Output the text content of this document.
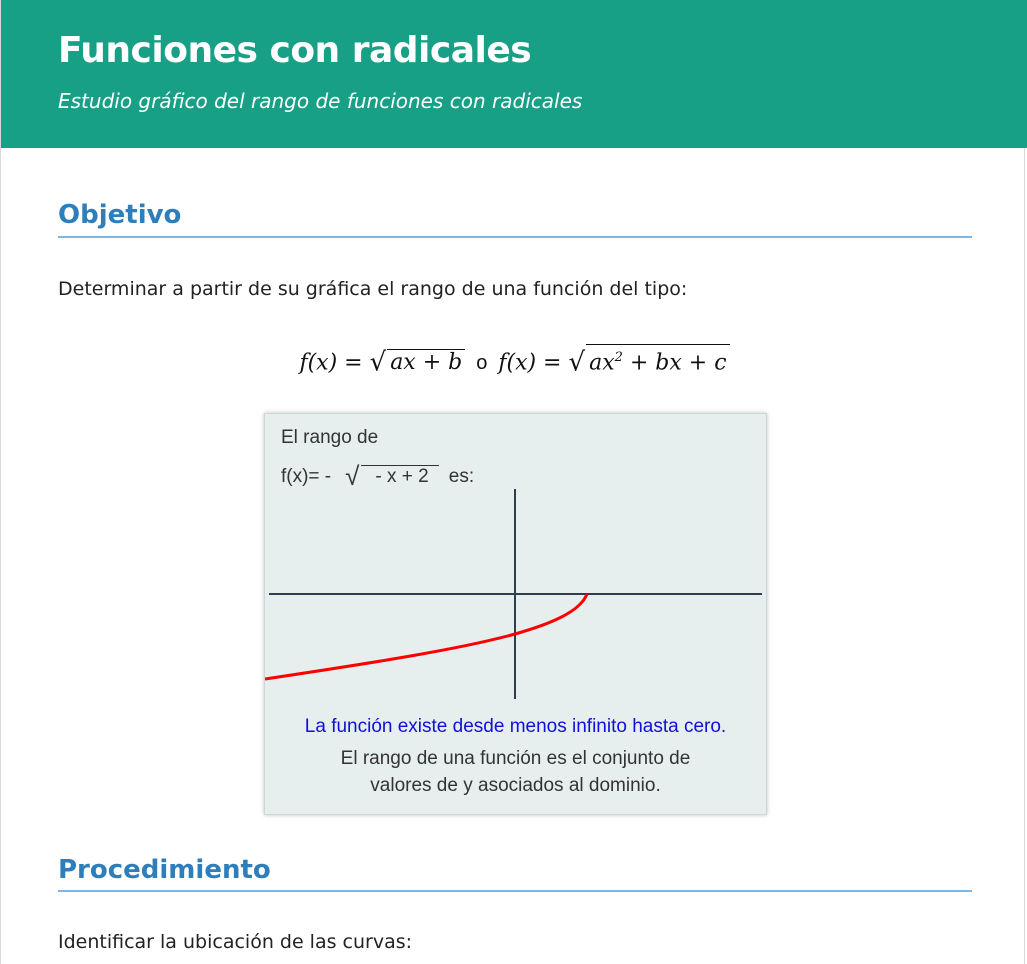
Funciones con radicales

Estudio gráfico del rango de funciones con radicales

Objetivo

Determinar a partir de su gráfica el rango de una función del tipo:

f(x) = √ ax + b o f(x) = √ $ax^2$ + bx + c
El rango de
f(x)= - √ - x + 2 es:
La función existe desde menos infinito hasta cero.
El rango de una función es el conjunto de
valores de y asociados al dominio.
Procedimiento

Identificar la ubicación de las curvas:
